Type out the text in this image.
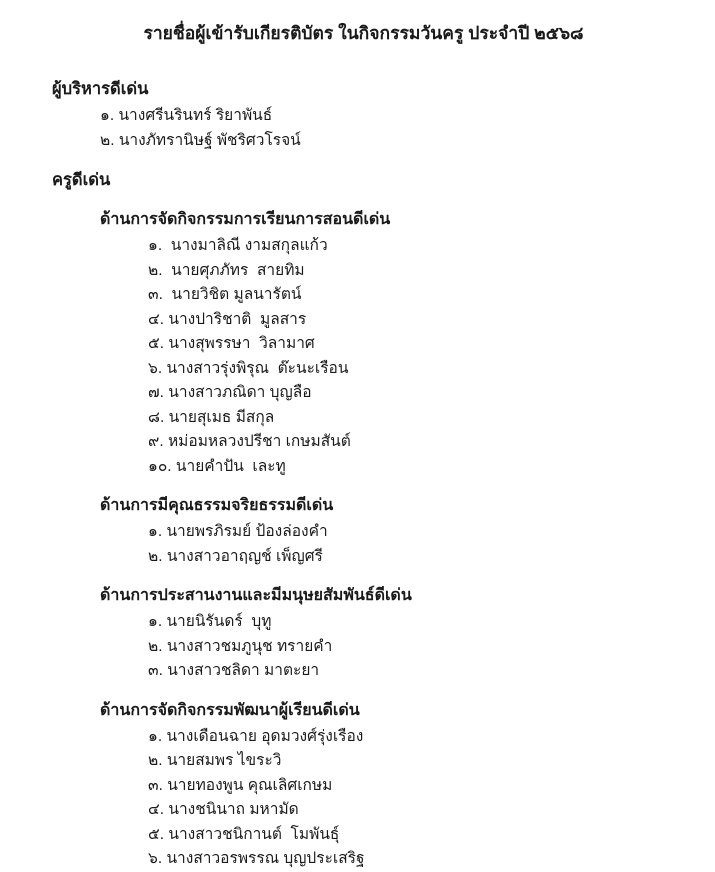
รายชื่อผู้เข้ารับเกียรติบัตร ในกิจกรรมวันครู ประจำปี ๒๕๖๘
ผู้บริหารดีเด่น

๑. นางศรีนรินทร์ ริยาพันธ์

๒. นางภัทรานิษฐ์ พัชริศวโรจน์

ครูดีเด่น
ด้านการจัดกิจกรรมการเรียนการสอนดีเด่น

๑.  นางมาลิณี งามสกุลแก้ว

๒.  นายศุภภัทร  สายทิม

๓.  นายวิชิต มูลนารัตน์

๔. นางปาริชาติ  มูลสาร

๕. นางสุพรรษา  วิลามาศ

๖. นางสาวรุ่งพิรุณ  ต๊ะนะเรือน

๗. นางสาวภณิดา บุญลือ

๘. นายสุเมธ มีสกุล

๙. หม่อมหลวงปรีชา เกษมสันต์

๑๐. นายคำปัน  เละทู

ด้านการมีคุณธรรมจริยธรรมดีเด่น

๑. นายพรภิรมย์ ป้องล่องคำ

๒. นางสาวอาฤญช์ เพ็ญศรี

ด้านการประสานงานและมีมนุษยสัมพันธ์ดีเด่น

๑. นายนิรันดร์  บุทู

๒. นางสาวชมภูนุช ทรายคำ

๓. นางสาวชลิดา มาตะยา

ด้านการจัดกิจกรรมพัฒนาผู้เรียนดีเด่น

๑. นางเดือนฉาย อุดมวงศ์รุ่งเรือง

๒. นายสมพร ไขระวิ

๓. นายทองพูน คุณเลิศเกษม

๔. นางชนินาถ มหามัด

๕. นางสาวชนิกานต์  โมพันธุ์

๖. นางสาวอรพรรณ บุญประเสริฐ
